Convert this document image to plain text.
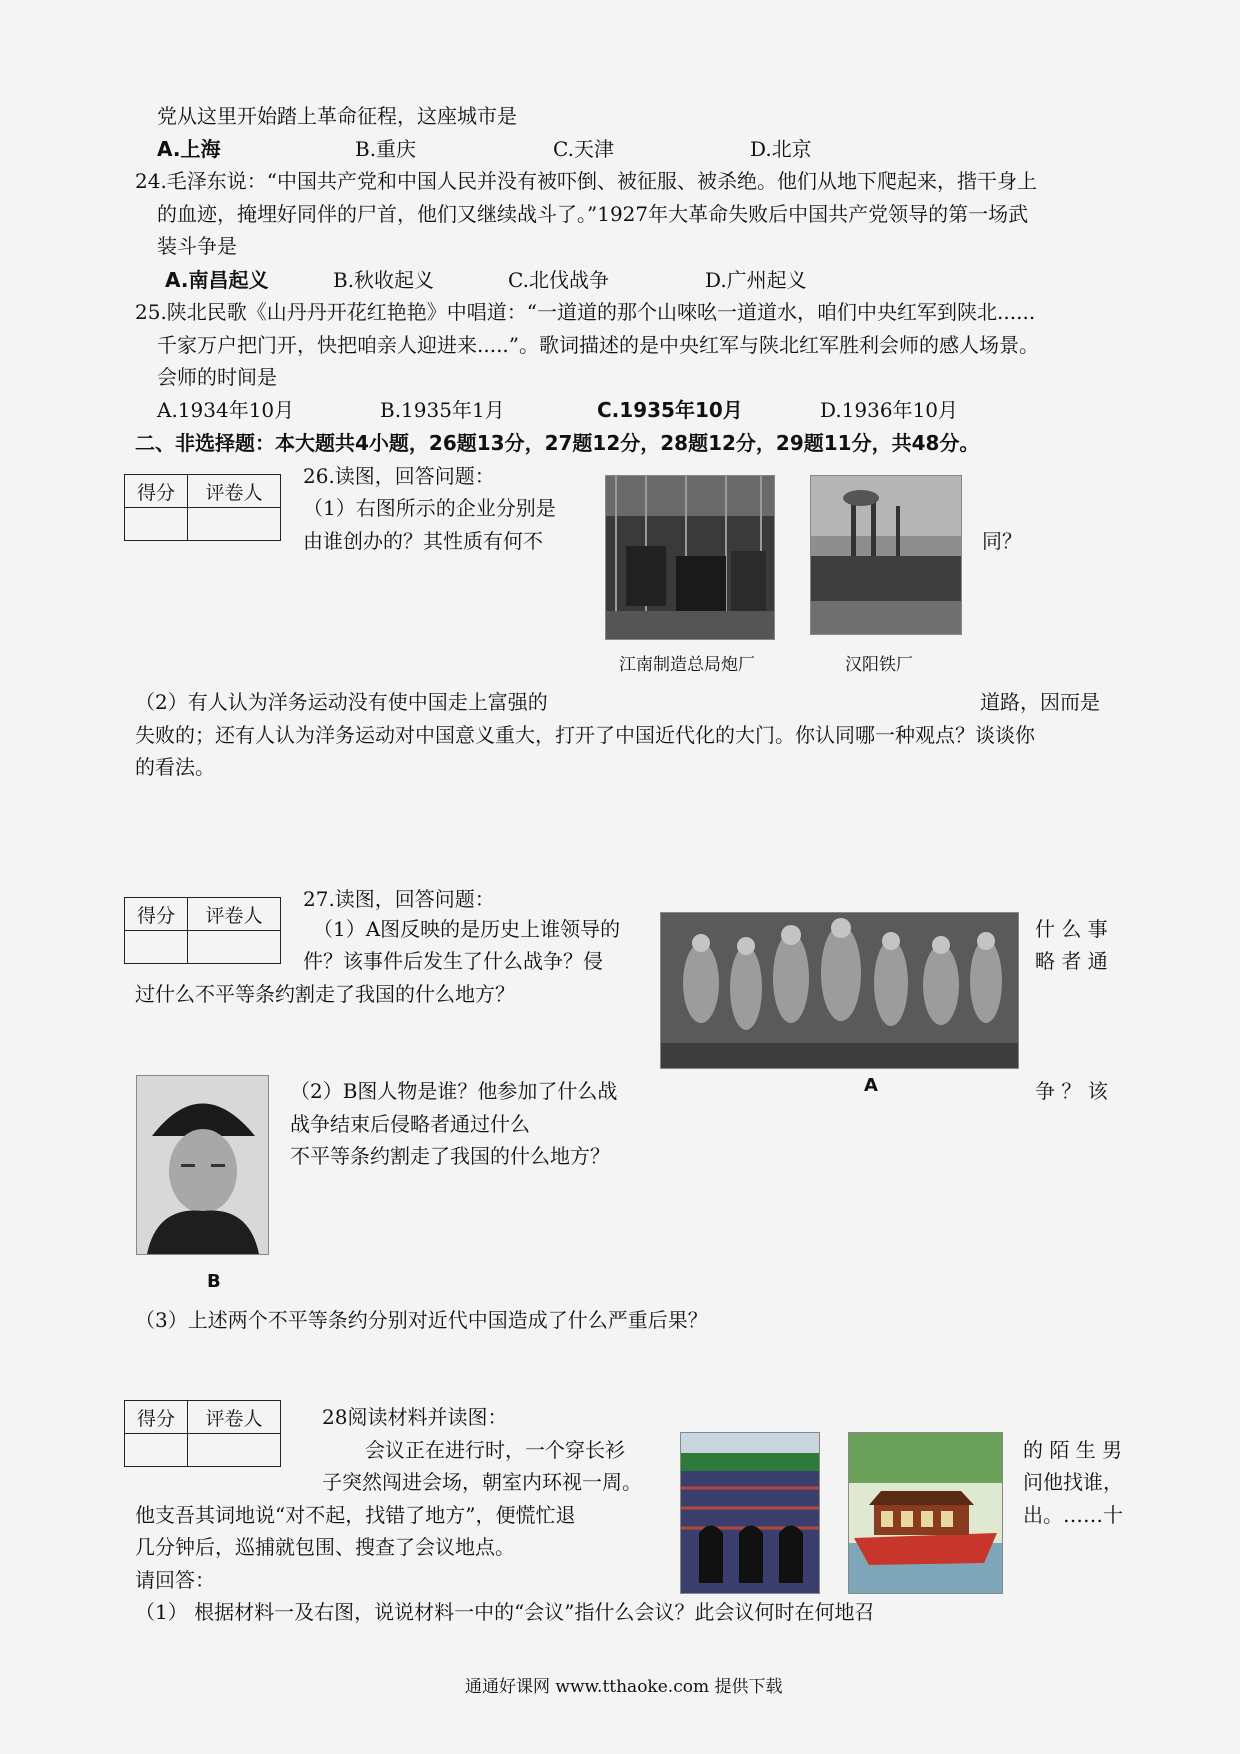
党从这里开始踏上革命征程，这座城市是
A.上海	B.重庆	C.天津	D.北京
24.毛泽东说：“中国共产党和中国人民并没有被吓倒、被征服、被杀绝。他们从地下爬起来，揩干身上
的血迹，掩埋好同伴的尸首，他们又继续战斗了。”1927年大革命失败后中国共产党领导的第一场武
装斗争是
A.南昌起义	B.秋收起义	C.北伐战争	D.广州起义
25.陕北民歌《山丹丹开花红艳艳》中唱道：“一道道的那个山唻吆一道道水，咱们中央红军到陕北......
千家万户把门开，快把咱亲人迎进来.....”。歌词描述的是中央红军与陕北红军胜利会师的感人场景。
会师的时间是
A.1934年10月	B.1935年1月	C.1935年10月	D.1936年10月
二、非选择题：本大题共4小题，26题13分，27题12分，28题12分，29题11分，共48分。
得分	评卷人

26.读图，回答问题：
（1）右图所示的企业分别是
由谁创办的？其性质有何不	同？
江南制造总局炮厂	汉阳铁厂
（2）有人认为洋务运动没有使中国走上富强的	道路，因而是
失败的；还有人认为洋务运动对中国意义重大，打开了中国近代化的大门。你认同哪一种观点？谈谈你
的看法。
得分	评卷人

27.读图，回答问题：
（1）A图反映的是历史上谁领导的
件？该事件后发生了什么战争？侵
过什么不平等条约割走了我国的什么地方？
什 么 事
略 者 通
A
B
（2）B图人物是谁？他参加了什么战
战争结束后侵略者通过什么
不平等条约割走了我国的什么地方？
争 ？ 该
（3）上述两个不平等条约分别对近代中国造成了什么严重后果？
得分	评卷人
		28阅读材料并读图：
会议正在进行时，一个穿长衫
子突然闯进会场，朝室内环视一周。
他支吾其词地说“对不起，找错了地方”，便慌忙退
几分钟后，巡捕就包围、搜查了会议地点。
的 陌 生 男
问他找谁，
出。……十
请回答：
（1） 根据材料一及右图，说说材料一中的“会议”指什么会议？此会议何时在何地召
通通好课网 www.tthaoke.com 提供下载
